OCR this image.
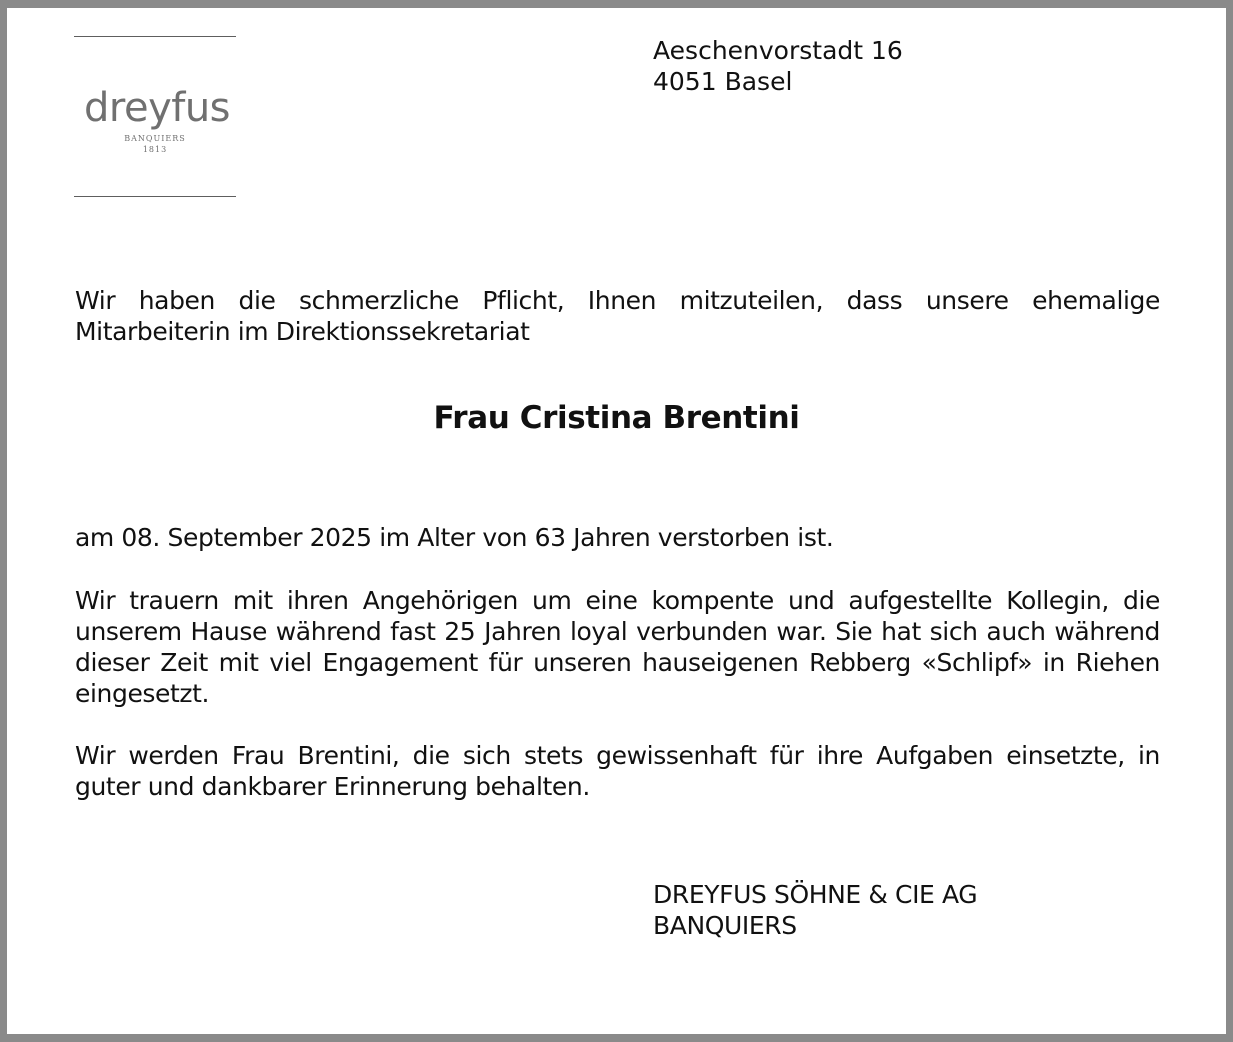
dreyfus
BANQUIERS
1813
Aeschenvorstadt 16
4051 Basel
Wir haben die schmerzliche Pflicht, Ihnen mitzuteilen, dass unsere ehemalige Mitarbeiterin im Direktionssekretariat
Frau Cristina Brentini
am 08. September 2025 im Alter von 63 Jahren verstorben ist.
Wir trauern mit ihren Angehörigen um eine kompente und aufgestellte Kollegin, die unserem Hause während fast 25 Jahren loyal verbunden war. Sie hat sich auch während dieser Zeit mit viel Engagement für unseren hauseigenen Rebberg «Schlipf» in Riehen eingesetzt.
Wir werden Frau Brentini, die sich stets gewissenhaft für ihre Aufgaben einsetzte, in guter und dankbarer Erinnerung behalten.
DREYFUS SÖHNE & CIE AG
BANQUIERS
